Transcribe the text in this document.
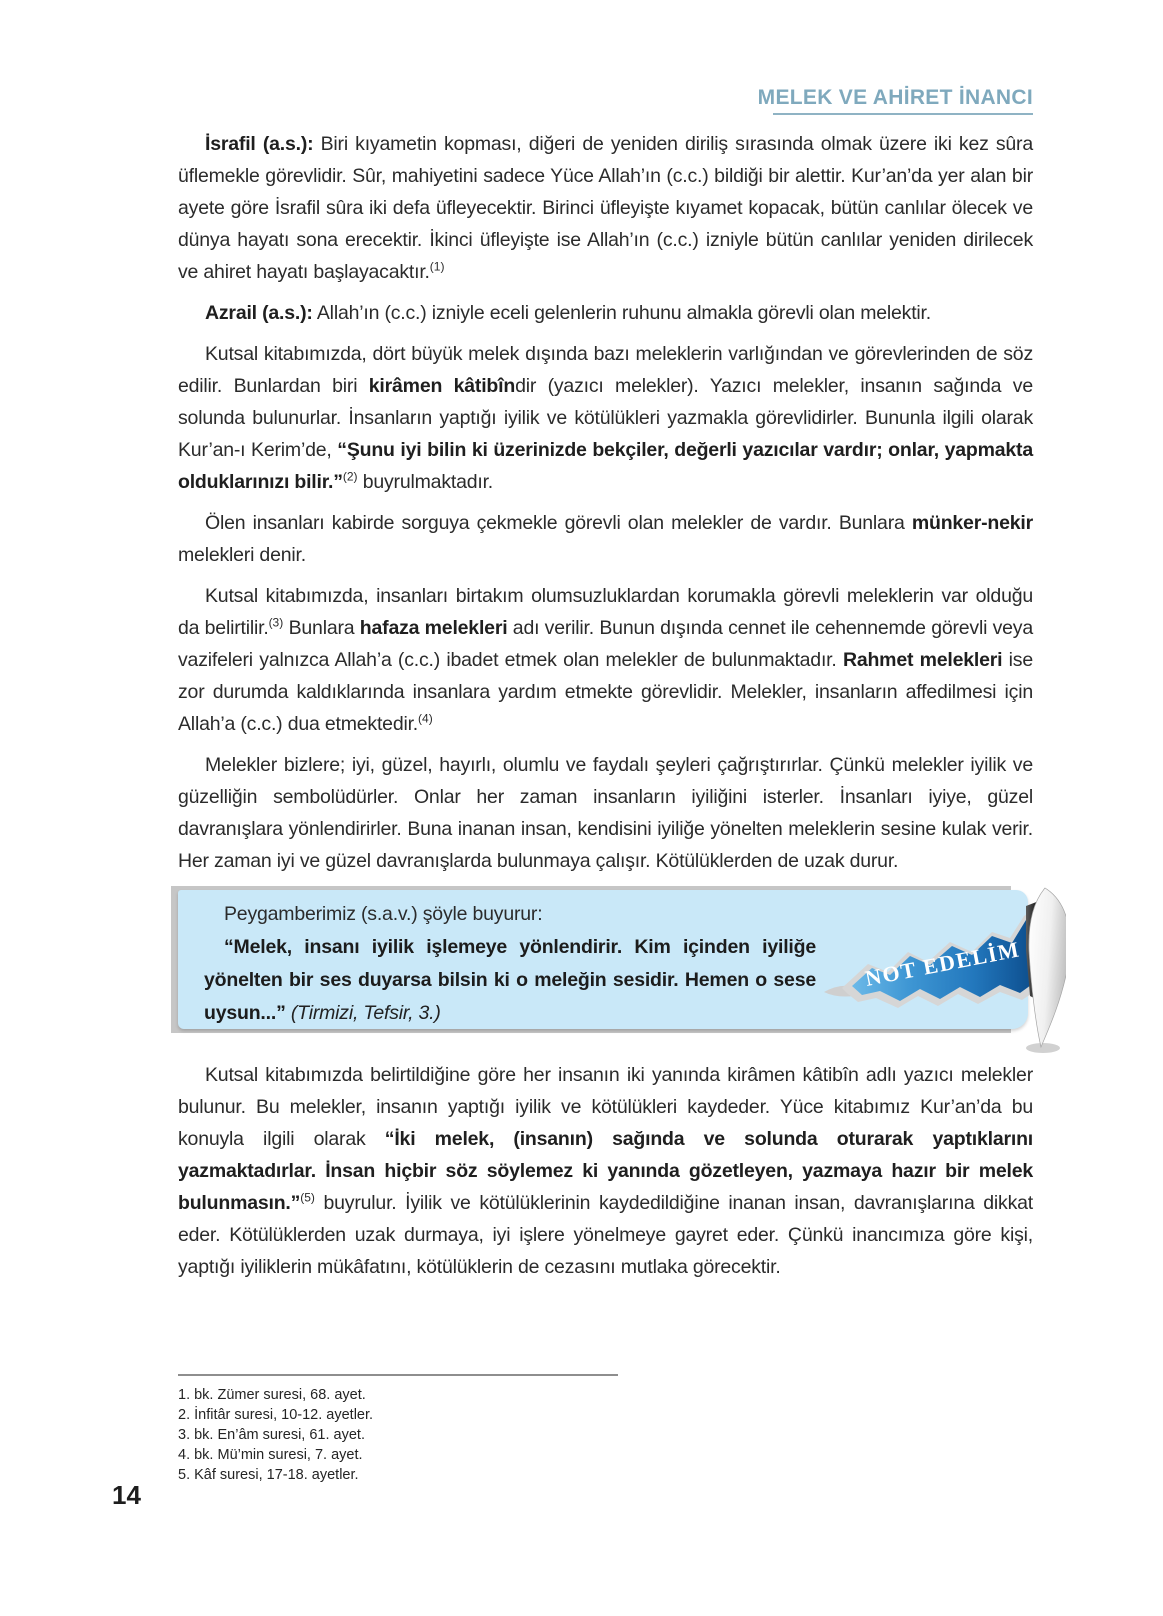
MELEK VE AHİRET İNANCI

İsrafil (a.s.): Biri kıyametin kopması, diğeri de yeniden diriliş sırasında olmak üzere iki kez sûra üflemekle görevlidir. Sûr, mahiyetini sadece Yüce Allah’ın (c.c.) bildiği bir alettir. Kur’an’da yer alan bir ayete göre İsrafil sûra iki defa üfleyecektir. Birinci üfleyişte kıyamet kopacak, bütün canlılar ölecek ve dünya hayatı sona erecektir. İkinci üfleyişte ise Allah’ın (c.c.) izniyle bütün canlılar yeniden dirilecek ve ahiret hayatı başlayacaktır.$^{(1)}$

Azrail (a.s.): Allah’ın (c.c.) izniyle eceli gelenlerin ruhunu almakla görevli olan melektir.

Kutsal kitabımızda, dört büyük melek dışında bazı meleklerin varlığından ve görevlerinden de söz edilir. Bunlardan biri kirâmen kâtibîndir (yazıcı melekler). Yazıcı melekler, insanın sağında ve solunda bulunurlar. İnsanların yaptığı iyilik ve kötülükleri yazmakla görevlidirler. Bununla ilgili olarak Kur’an-ı Kerim’de, “Şunu iyi bilin ki üzerinizde bekçiler, değerli yazıcılar vardır; onlar, yapmakta olduklarınızı bilir.”$^{(2)}$ buyrulmaktadır.

Ölen insanları kabirde sorguya çekmekle görevli olan melekler de vardır. Bunlara münker-nekir melekleri denir.

Kutsal kitabımızda, insanları birtakım olumsuzluklardan korumakla görevli meleklerin var olduğu da belirtilir.$^{(3)}$ Bunlara hafaza melekleri adı verilir. Bunun dışında cennet ile cehennemde görevli veya vazifeleri yalnızca Allah’a (c.c.) ibadet etmek olan melekler de bulunmaktadır. Rahmet melekleri ise zor durumda kaldıklarında insanlara yardım etmekte görevlidir. Melekler, insanların affedilmesi için Allah’a (c.c.) dua etmektedir.$^{(4)}$

Melekler bizlere; iyi, güzel, hayırlı, olumlu ve faydalı şeyleri çağrıştırırlar. Çünkü melekler iyilik ve güzelliğin sembolüdürler. Onlar her zaman insanların iyiliğini isterler. İnsanları iyiye, güzel davranışlara yönlendirirler. Buna inanan insan, kendisini iyiliğe yönelten meleklerin sesine kulak verir. Her zaman iyi ve güzel davranışlarda bulunmaya çalışır. Kötülüklerden de uzak durur.

Peygamberimiz (s.a.v.) şöyle buyurur:

“Melek, insanı iyilik işlemeye yönlendirir. Kim içinden iyiliğe yönelten bir ses duyarsa bilsin ki o meleğin sesidir. Hemen o sese uysun...” (Tirmizi, Tefsir, 3.)

NOT EDELİM

Kutsal kitabımızda belirtildiğine göre her insanın iki yanında kirâmen kâtibîn adlı yazıcı melekler bulunur. Bu melekler, insanın yaptığı iyilik ve kötülükleri kaydeder. Yüce kitabımız Kur’an’da bu konuyla ilgili olarak “İki melek, (insanın) sağında ve solunda oturarak yaptıklarını yazmaktadırlar. İnsan hiçbir söz söylemez ki yanında gözetleyen, yazmaya hazır bir melek bulunmasın.”$^{(5)}$ buyrulur. İyilik ve kötülüklerinin kaydedildiğine inanan insan, davranışlarına dikkat eder. Kötülüklerden uzak durmaya, iyi işlere yönelmeye gayret eder. Çünkü inancımıza göre kişi, yaptığı iyiliklerin mükâfatını, kötülüklerin de cezasını mutlaka görecektir.

1. bk. Zümer suresi, 68. ayet.

2. İnfitâr suresi, 10-12. ayetler.

3. bk. En’âm suresi, 61. ayet.

4. bk. Mü’min suresi, 7. ayet.

5. Kâf suresi, 17-18. ayetler.

14
